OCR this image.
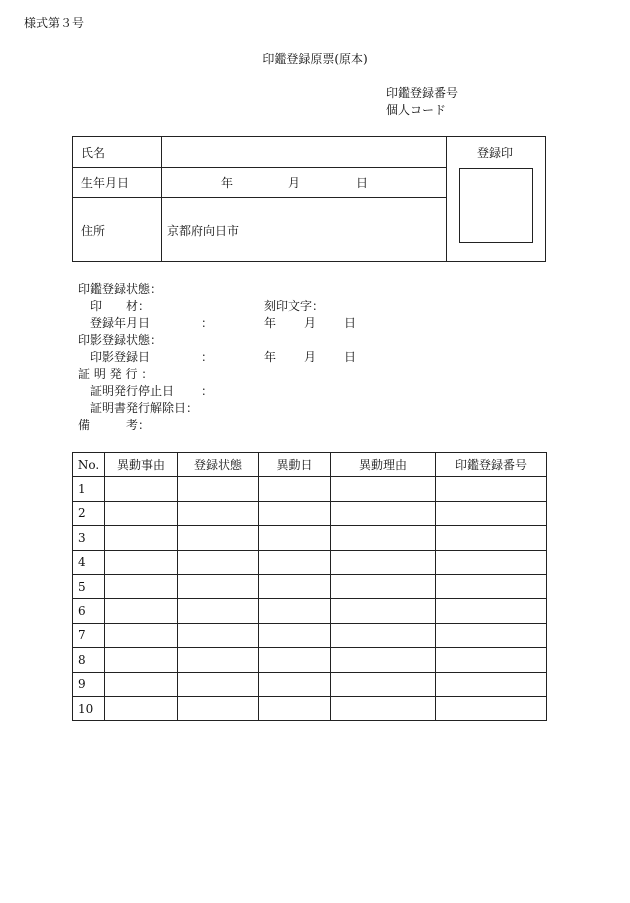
様式第３号
印鑑登録原票(原本)
印鑑登録番号
個人コード
氏名
生年月日	年	月	日
住所	京都府向日市
登録印
印鑑登録状態：
印　　材：	刻印文字：
登録年月日	：	年 月 日
印影登録状態：
印影登録日	：	年 月 日
証 明 発 行 ：
証明発行停止日 ：
証明書発行解除日：
備　　　考：
No.	異動事由	登録状態	異動日	異動理由	印鑑登録番号
1					
2					
3					
4					
5					
6					
7					
8					
9					
10					
